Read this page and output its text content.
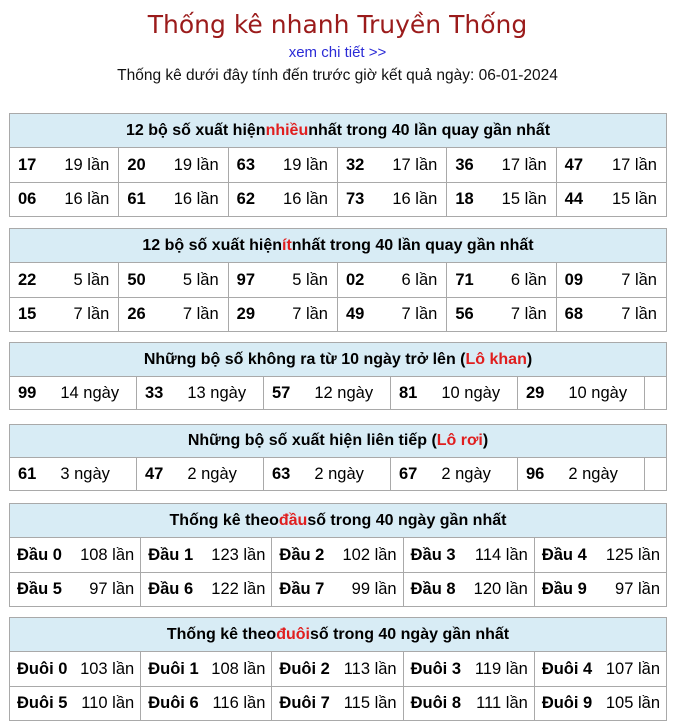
Thống kê nhanh Truyền Thống
xem chi tiết >>
Thống kê dưới đây tính đến trước giờ kết quả ngày: 06-01-2024
12 bộ số xuất hiện nhiều nhất trong 40 lần quay gần nhất
17 19 lần 20 19 lần 63 19 lần 32 17 lần 36 17 lần 47 17 lần
06 16 lần 61 16 lần 62 16 lần 73 16 lần 18 15 lần 44 15 lần
12 bộ số xuất hiện ít nhất trong 40 lần quay gần nhất
22 5 lần 50 5 lần 97 5 lần 02 6 lần 71 6 lần 09 7 lần
15 7 lần 26 7 lần 29 7 lần 49 7 lần 56 7 lần 68 7 lần
Những bộ số không ra từ 10 ngày trở lên ( Lô khan )
99 14 ngày 33 13 ngày 57 12 ngày 81 10 ngày 29 10 ngày
Những bộ số xuất hiện liên tiếp ( Lô rơi )
61 3 ngày 47 2 ngày 63 2 ngày 67 2 ngày 96 2 ngày
Thống kê theo đầu số trong 40 ngày gần nhất
Đầu 0 108 lần Đầu 1 123 lần Đầu 2 102 lần Đầu 3 114 lần Đầu 4 125 lần
Đầu 5 97 lần Đầu 6 122 lần Đầu 7 99 lần Đầu 8 120 lần Đầu 9 97 lần
Thống kê theo đuôi số trong 40 ngày gần nhất
Đuôi 0 103 lần Đuôi 1 108 lần Đuôi 2 113 lần Đuôi 3 119 lần Đuôi 4 107 lần
Đuôi 5 110 lần Đuôi 6 116 lần Đuôi 7 115 lần Đuôi 8 111 lần Đuôi 9 105 lần
